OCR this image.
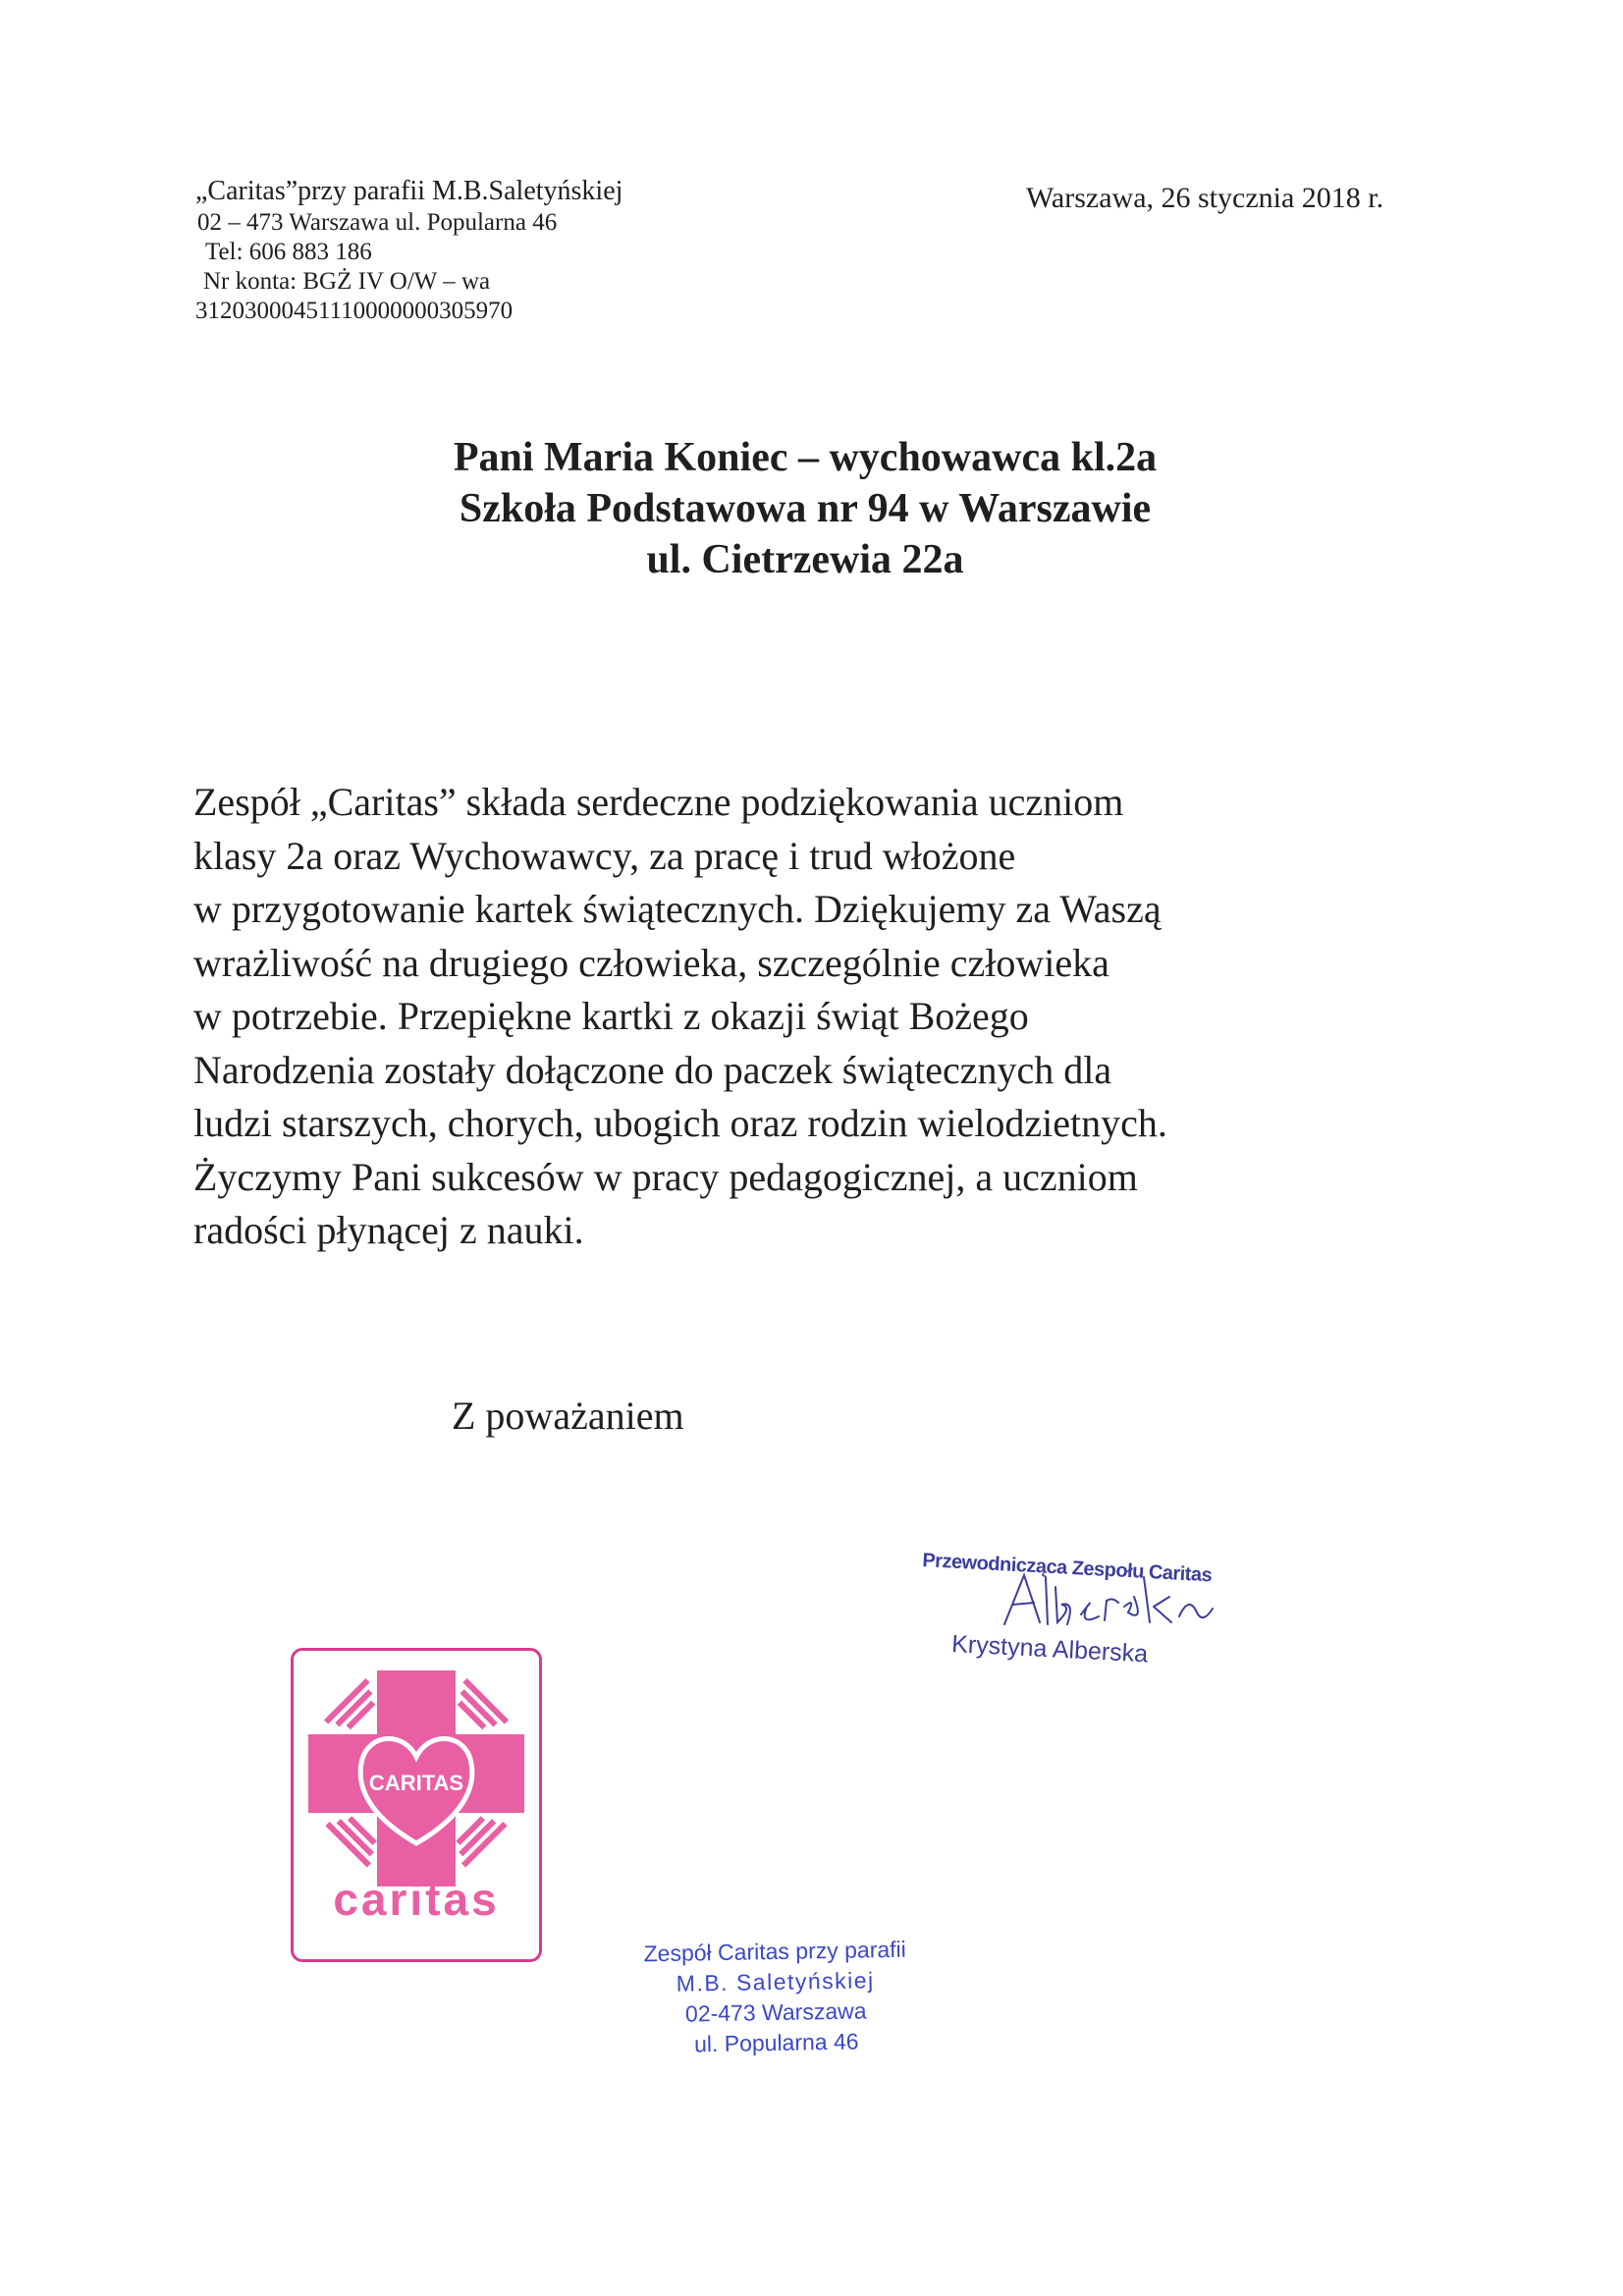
„Caritas”przy parafii M.B.Saletyńskiej
02 – 473 Warszawa ul. Popularna 46
Tel: 606 883 186
Nr konta: BGŻ IV O/W – wa
31203000451110000000305970
Warszawa, 26 stycznia 2018 r.
Pani Maria Koniec – wychowawca kl.2a
Szkoła Podstawowa nr 94 w Warszawie
ul. Cietrzewia 22a
Zespół „Caritas” składa serdeczne podziękowania uczniom
klasy 2a oraz Wychowawcy, za pracę i trud włożone
w przygotowanie kartek świątecznych. Dziękujemy za Waszą
wrażliwość na drugiego człowieka, szczególnie człowieka
w potrzebie. Przepiękne kartki z okazji świąt Bożego
Narodzenia zostały dołączone do paczek świątecznych dla
ludzi starszych, chorych, ubogich oraz rodzin wielodzietnych.
Życzymy Pani sukcesów w pracy pedagogicznej, a uczniom
radości płynącej z nauki.
Z poważaniem
Przewodnicząca Zespołu Caritas
Krystyna Alberska
CARITAS
caritas
Zespół Caritas przy parafii
M.B. Saletyńskiej
02-473 Warszawa
ul. Popularna 46
